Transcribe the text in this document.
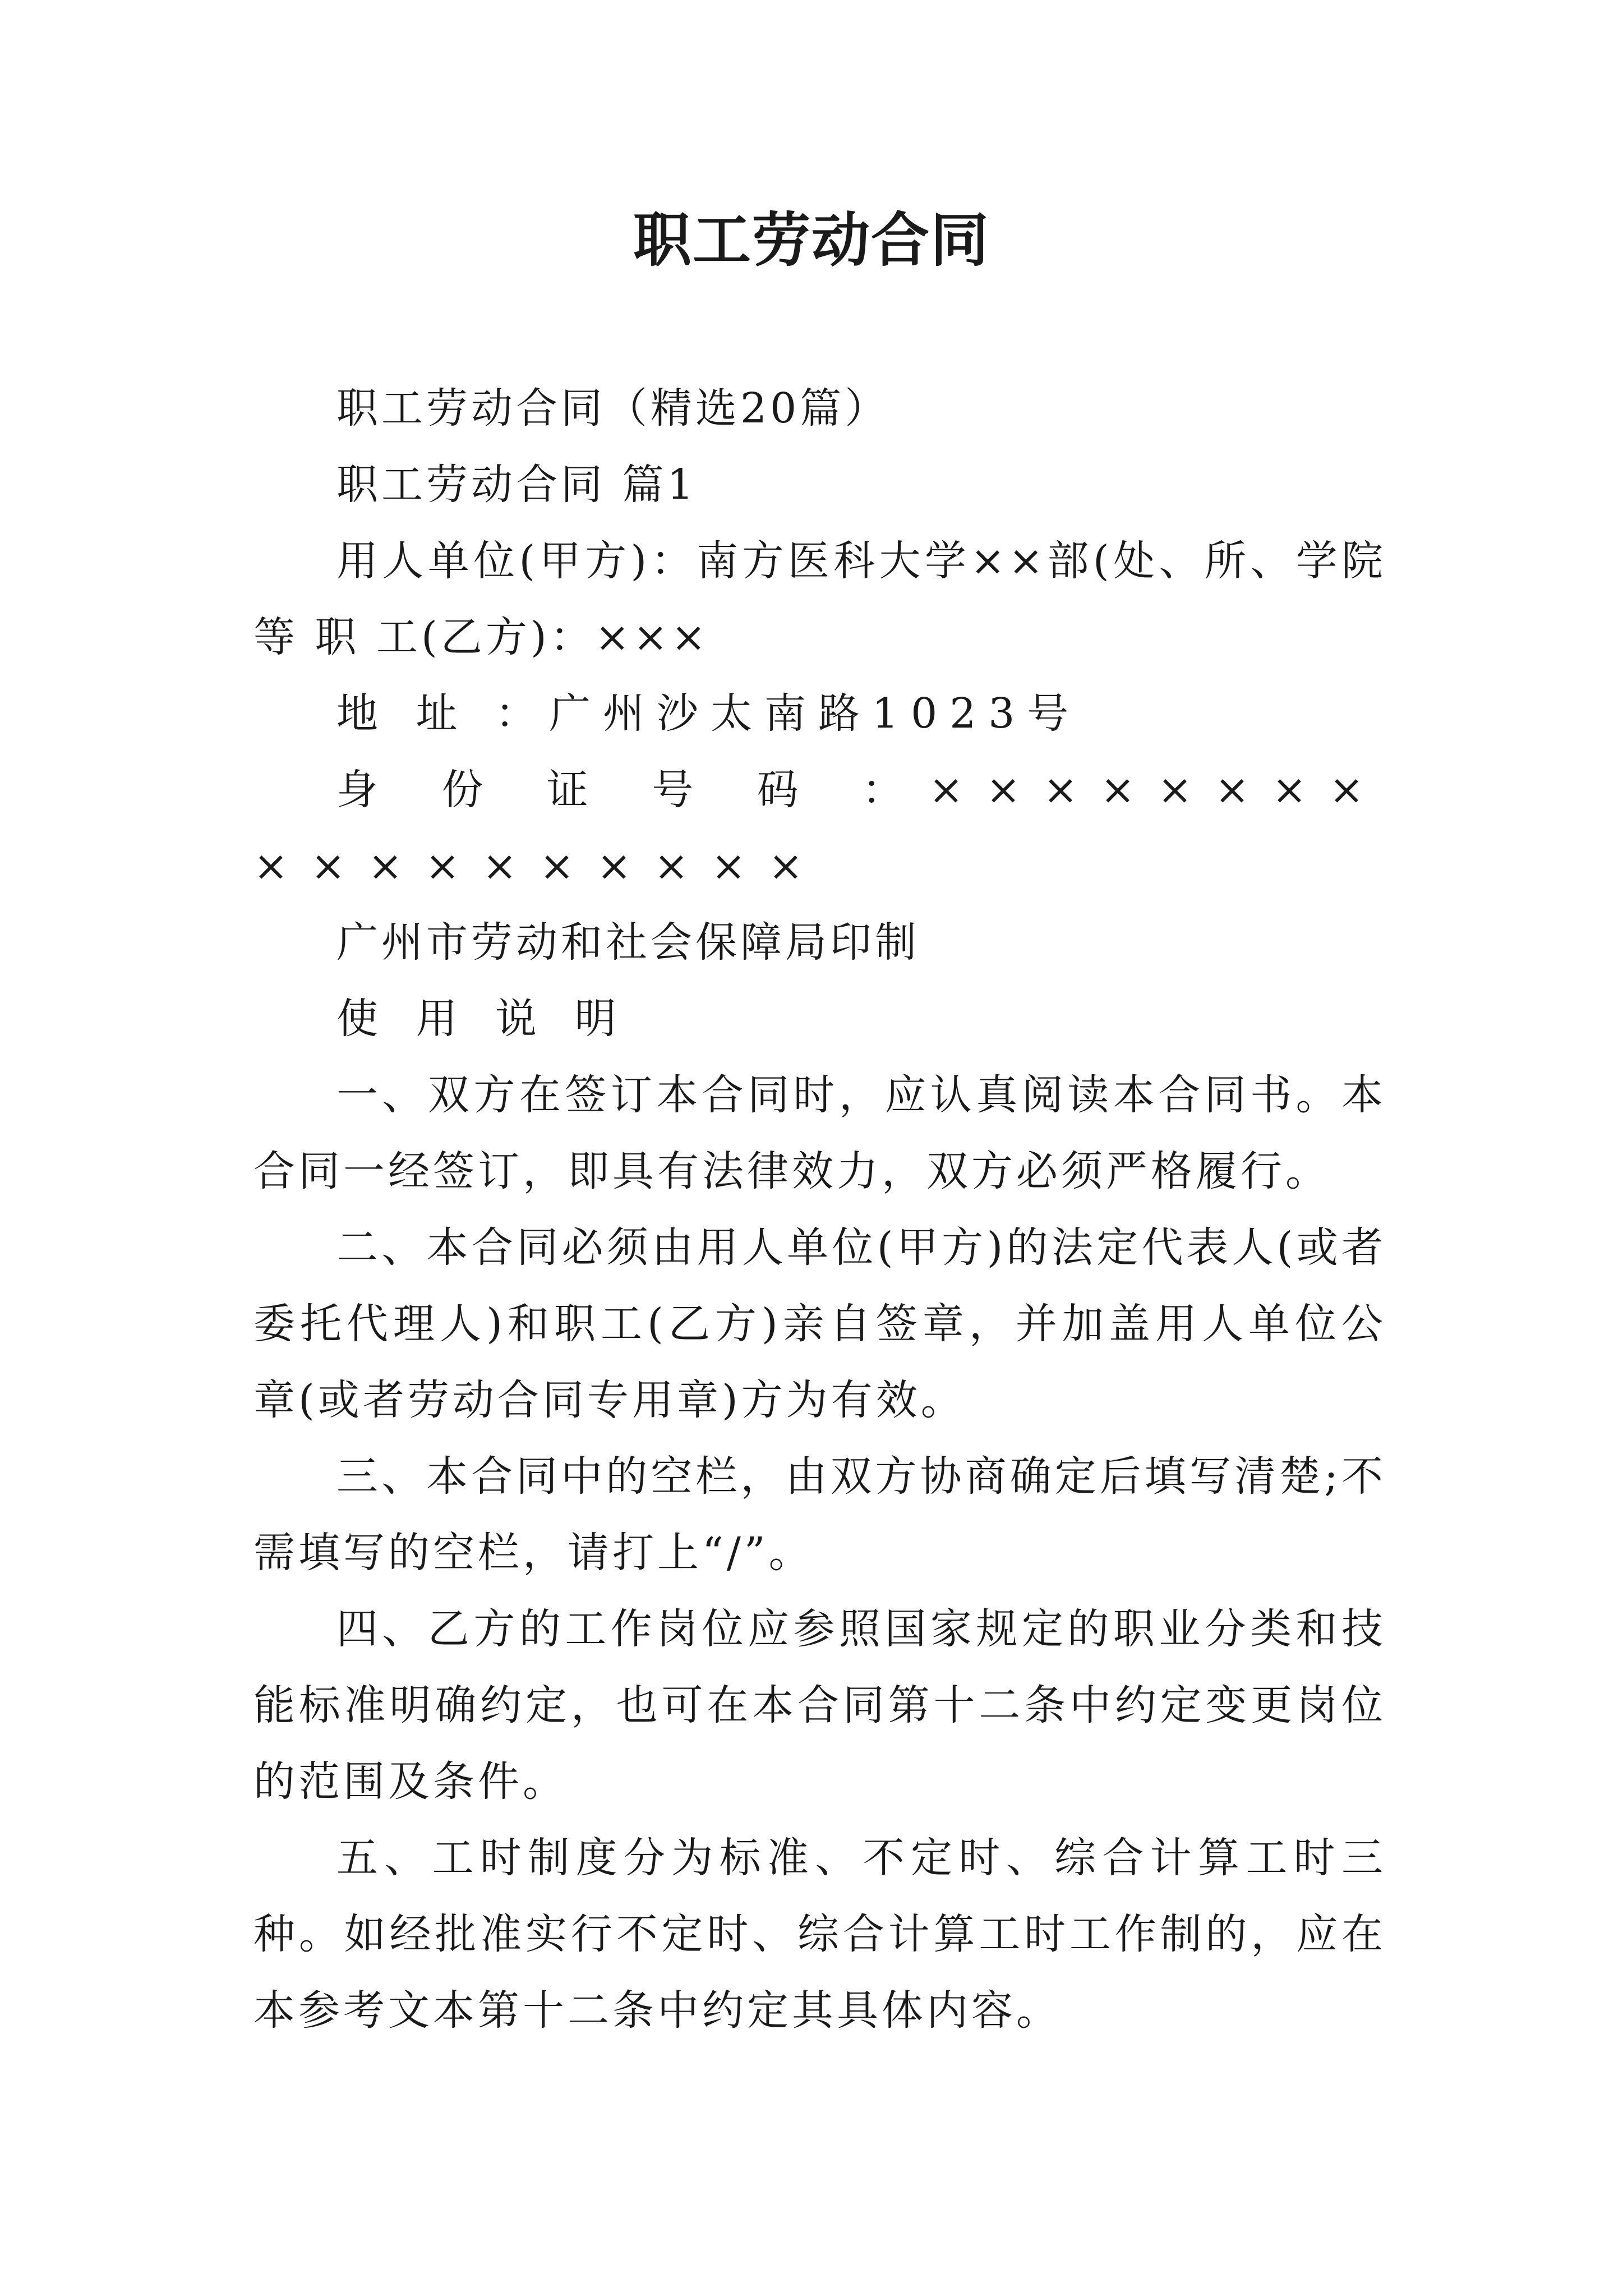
职工劳动合同

职工劳动合同（精选20篇）

职工劳动合同 篇1

用人单位(甲方)：南方医科大学××部(处、所、学院等 职 工(乙方)：×××

地 址 ：广州沙太南路1023号

身 份 证 号 码 ：××××××××××××××××××

广州市劳动和社会保障局印制

使 用 说 明

一、双方在签订本合同时，应认真阅读本合同书。本合同一经签订，即具有法律效力，双方必须严格履行。

二、本合同必须由用人单位(甲方)的法定代表人(或者委托代理人)和职工(乙方)亲自签章，并加盖用人单位公章(或者劳动合同专用章)方为有效。

三、本合同中的空栏，由双方协商确定后填写清楚;不需填写的空栏，请打上“/”。

四、乙方的工作岗位应参照国家规定的职业分类和技能标准明确约定，也可在本合同第十二条中约定变更岗位的范围及条件。

五、工时制度分为标准、不定时、综合计算工时三种。如经批准实行不定时、综合计算工时工作制的，应在本参考文本第十二条中约定其具体内容。
